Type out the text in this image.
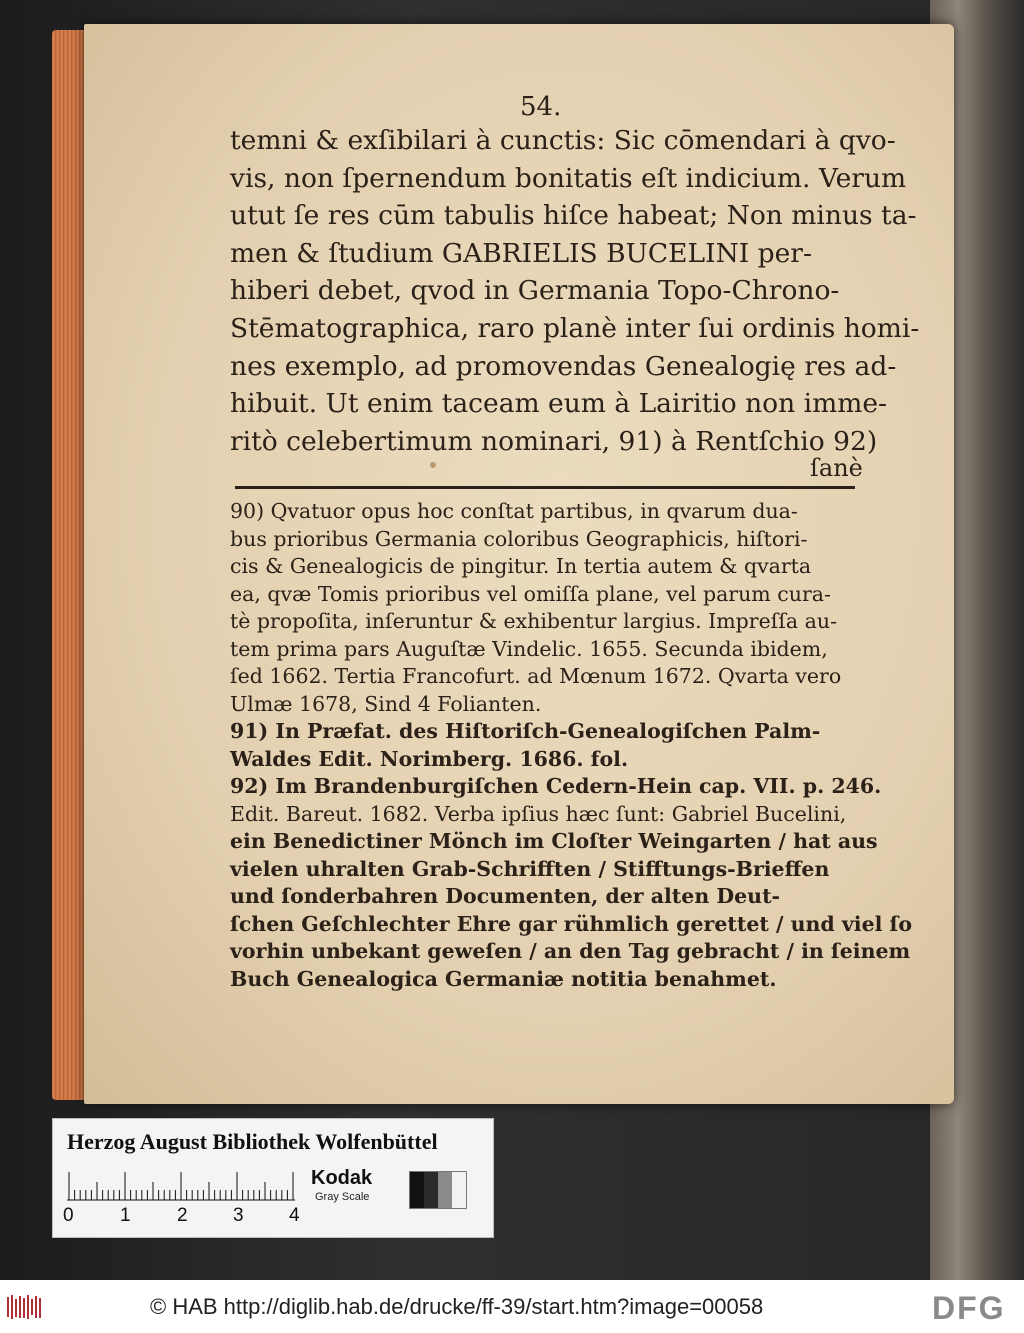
54.
temni & exſibilari à cunctis: Sic cōmendari à qvo-
vis, non ſpernendum bonitatis eſt indicium. Verum
utut ſe res cūm tabulis hiſce habeat; Non minus ta-
men & ſtudium GABRIELIS BUCELINI per-
hiberi debet, qvod in Germania Topo-Chrono-
Stēmatographica, raro planè inter ſui ordinis homi-
nes exemplo, ad promovendas Genealogię res ad-
hibuit. Ut enim taceam eum à Lairitio non imme-
ritò celebertimum nominari, 91) à Rentſchio 92)
ſanè
90) Qvatuor opus hoc conſtat partibus, in qvarum dua-
bus prioribus Germania coloribus Geographicis, hiſtori-
cis & Genealogicis de pingitur. In tertia autem & qvarta
ea, qvæ Tomis prioribus vel omiſſa plane, vel parum cura-
tè propoſita, inſeruntur & exhibentur largius. Impreſſa au-
tem prima pars Auguſtæ Vindelic. 1655. Secunda ibidem,
ſed 1662. Tertia Francofurt. ad Mœnum 1672. Qvarta vero
Ulmæ 1678, Sind 4 Folianten.
91) In Præfat. des Hiſtoriſch-Genealogiſchen Palm-
Waldes Edit. Norimberg. 1686. fol.
92) Im Brandenburgiſchen Cedern-Hein cap. VII. p. 246.
Edit. Bareut. 1682. Verba ipſius hæc ſunt: Gabriel Bucelini,
ein Benedictiner Mönch im Cloſter Weingarten / hat aus
vielen uhralten Grab-Schrifften / Stifftungs-Brieffen
und ſonderbahren Documenten, der alten Deut-
ſchen Geſchlechter Ehre gar rühmlich gerettet / und viel ſo
vorhin unbekant geweſen / an den Tag gebracht / in ſeinem
Buch Genealogica Germaniæ notitia benahmet.
Herzog August Bibliothek Wolfenbüttel
0 1 2 3 4
Kodak
Gray Scale
© HAB http://diglib.hab.de/drucke/ff-39/start.htm?image=00058	DFG
